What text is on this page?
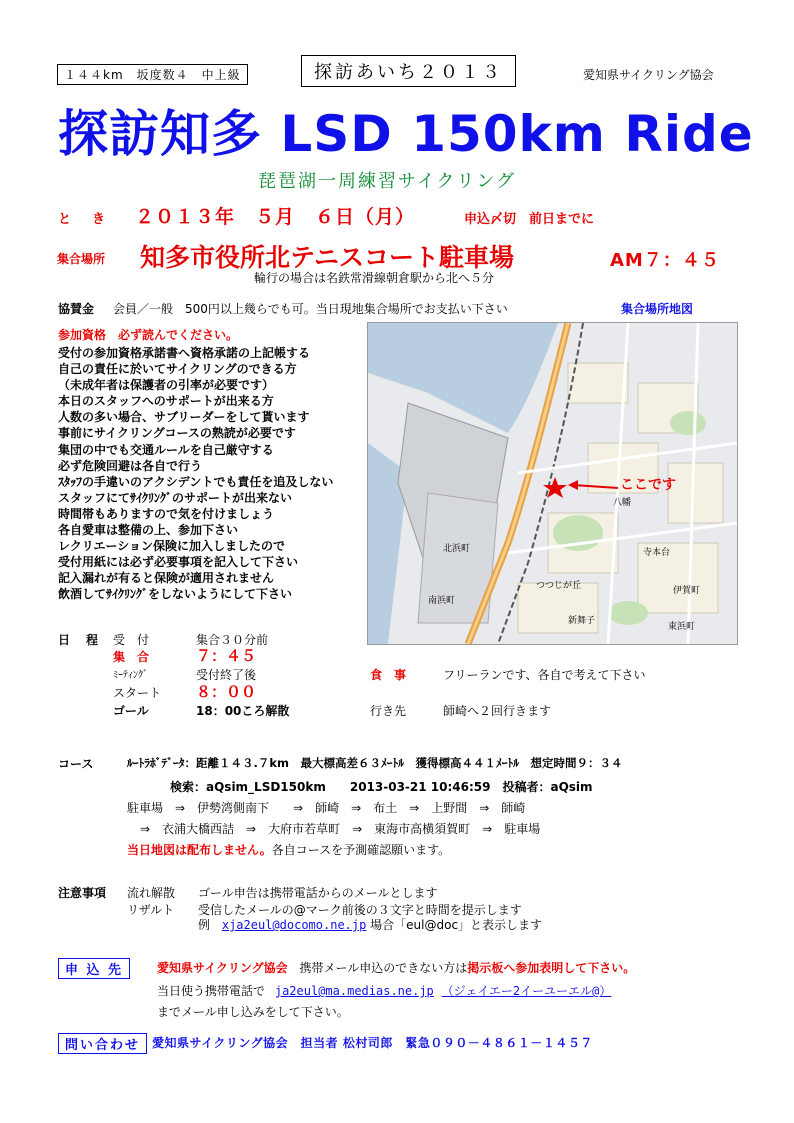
１４４km　坂度数４　中上級	探訪あいち２０１３	愛知県サイクリング協会
探訪知多 LSD 150km Ride
琵琶湖一周練習サイクリング
と　き ２０１３年　５月　６日（月）	申込〆切　前日までに
集合場所 知多市役所北テニスコート駐車場	AM７：４５
輪行の場合は名鉄常滑線朝倉駅から北へ５分
協賛金 会員／一般　500円以上幾らでも可。当日現地集合場所でお支払い下さい	集合場所地図
参加資格　必ず読んでください。
受付の参加資格承諾書へ資格承諾の上記帳する
自己の責任に於いてサイクリングのできる方
（未成年者は保護者の引率が必要です）
本日のスタッフへのサポートが出来る方
人数の多い場合、サブリーダーをして貰います
事前にサイクリングコースの熟読が必要です
集団の中でも交通ルールを自己厳守する
必ず危険回避は各自で行う
ｽﾀｯﾌの手違いのアクシデントでも責任を追及しない
スタッフにてｻｲｸﾘﾝｸﾞのサポートが出来ない
時間帯もありますので気を付けましょう
各自愛車は整備の上、参加下さい
レクリエーション保険に加入しましたので
受付用紙には必ず必要事項を記入して下さい
記入漏れが有ると保険が適用されません
飲酒してｻｲｸﾘﾝｸﾞをしないようにして下さい
ここです
北浜町
八幡
寺本台
つつじが丘
新舞子
南浜町
伊賀町
東浜町
日　程 受　付	集合３０分前
集　合	７：４５
ﾐｰﾃｨﾝｸﾞ	受付終了後
スタート ８：００
ゴール	18：00ころ解散
食　事	フリーランです、各自で考えて下さい
行き先	師崎へ２回行きます
コース	ﾙｰﾄﾗﾎﾞﾃﾞｰﾀ：距離１４３.７km　最大標高差６３ﾒｰﾄﾙ　獲得標高４４１ﾒｰﾄﾙ　想定時間９：３４
検索：aQsim_LSD150km　　2013-03-21 10:46:59　投稿者：aQsim
駐車場　⇒　伊勢湾側南下　　⇒　師崎　⇒　布土　⇒　上野間　⇒　師崎
⇒　衣浦大橋西詰　⇒　大府市若草町　⇒　東海市高横須賀町　⇒　駐車場
当日地図は配布しません。各自コースを予測確認願います。
注意事項 流れ解散 ゴール申告は携帯電話からのメールとします
リザルト 受信したメールの@マーク前後の３文字と時間を提示します
例 xja2eul@docomo.ne.jp 場合「eul@doc」と表示します
申 込 先	愛知県サイクリング協会 携帯メール申込のできない方は掲示板へ参加表明して下さい。
当日使う携帯電話で ja2eul@ma.medias.ne.jp （ジェイエー2イーユーエル@）
までメール申し込みをして下さい。
問い合わせ 愛知県サイクリング協会　担当者 松村司郎　緊急０９０－４８６１－１４５７
